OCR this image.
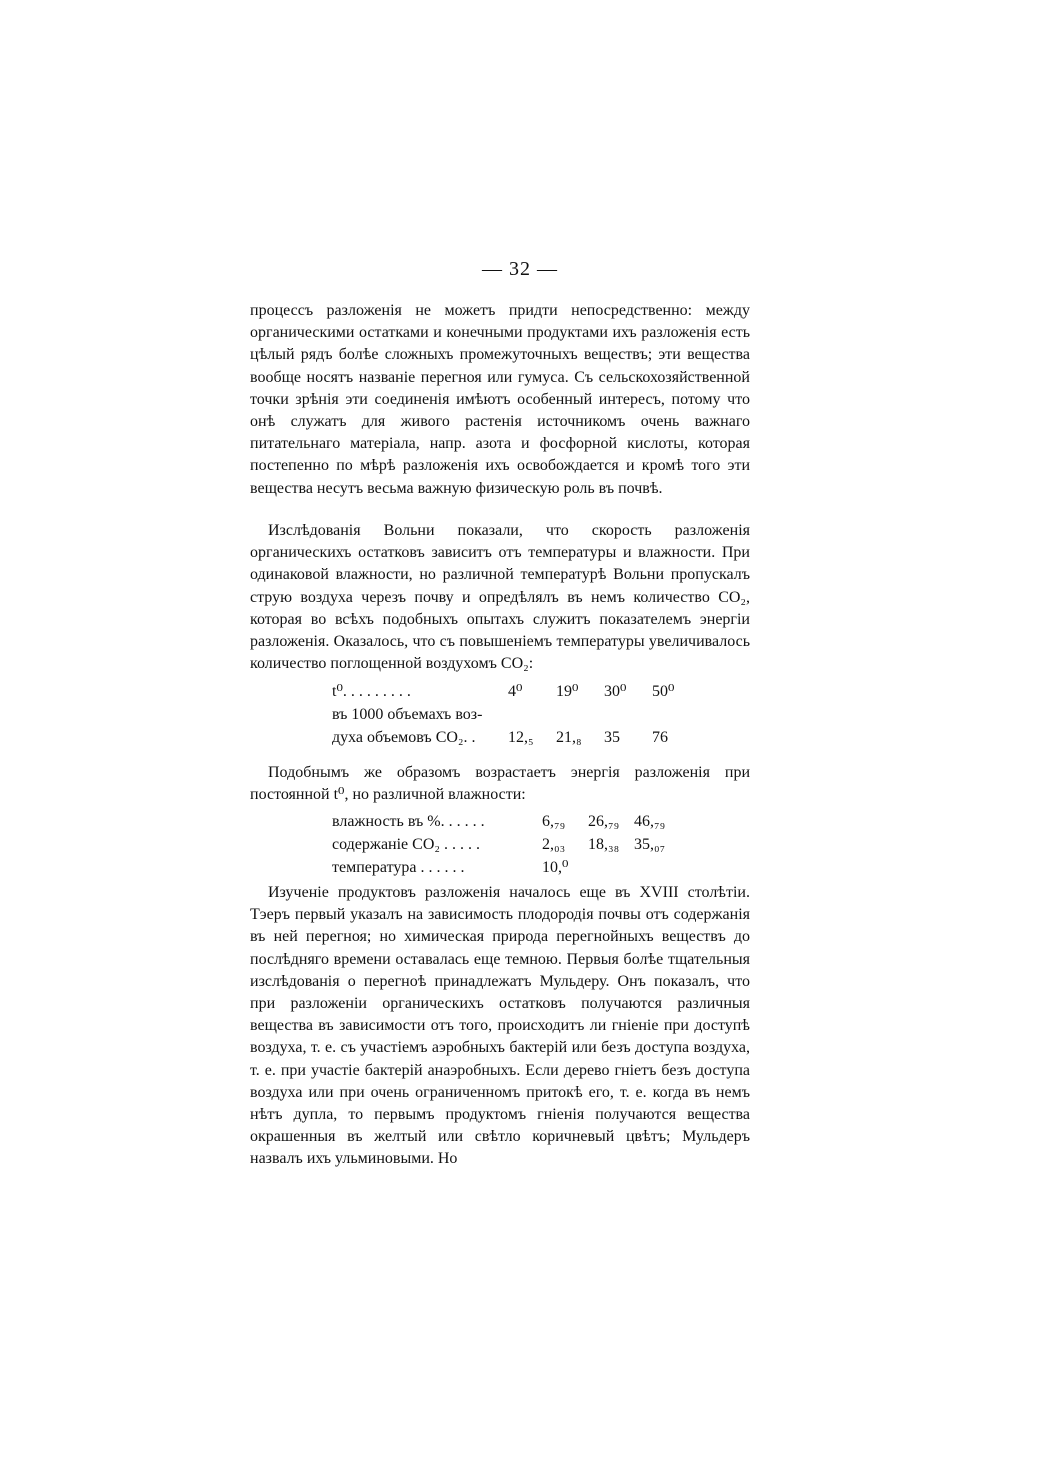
— 32 —

процессъ разложенія не можетъ придти непосредственно: между органическими остатками и конечными продуктами ихъ разложенія есть цѣлый рядъ болѣе сложныхъ промежуточныхъ веществъ; эти вещества вообще носятъ названіе перегноя или гумуса. Съ сельскохозяйственной точки зрѣнія эти соединенія имѣютъ особенный интересъ, потому что онѣ служатъ для живого растенія источникомъ очень важнаго питательнаго матеріала, напр. азота и фосфорной кислоты, которая постепенно по мѣрѣ разложенія ихъ освобождается и кромѣ того эти вещества несутъ весьма важную физическую роль въ почвѣ.

Изслѣдованія Вольни показали, что скорость разложенія органическихъ остатковъ зависитъ отъ температуры и влажности. При одинаковой влажности, но различной температурѣ Вольни пропускалъ струю воздуха черезъ почву и опредѣлялъ въ немъ количество CO₂, которая во всѣхъ подобныхъ опытахъ служитъ показателемъ энергіи разложенія. Оказалось, что съ повышеніемъ температуры увеличивалось количество поглощенной воздухомъ CO₂:

t⁰. . . . . . . . .	4⁰	19⁰	30⁰	50⁰
въ 1000 объемахъ воз-				
духа объемовъ CO₂. .	12,₅	21,₈	35	76

Подобнымъ же образомъ возрастаетъ энергія разложенія при постоянной t⁰, но различной влажности:

влажность въ %. . . . . .	6,₇₉	26,₇₉	46,₇₉
содержаніе CO₂ . . . . .	2,₀₃	18,₃₈	35,₀₇
температура . . . . . .	10,⁰		

Изученіе продуктовъ разложенія началось еще въ XVIII столѣтіи. Тэеръ первый указалъ на зависимость плодородія почвы отъ содержанія въ ней перегноя; но химическая природа перегнойныхъ веществъ до послѣдняго времени оставалась еще темною. Первыя болѣе тщательныя изслѣдованія о перегноѣ принадлежатъ Мульдеру. Онъ показалъ, что при разложеніи органическихъ остатковъ получаются различныя вещества въ зависимости отъ того, происходитъ ли гніеніе при доступѣ воздуха, т. е. съ участіемъ аэробныхъ бактерій или безъ доступа воздуха, т. е. при участіе бактерій анаэробныхъ. Если дерево гніетъ безъ доступа воздуха или при очень ограниченномъ притокѣ его, т. е. когда въ немъ нѣтъ дупла, то первымъ продуктомъ гніенія получаются вещества окрашенныя въ желтый или свѣтло коричневый цвѣтъ; Мульдеръ назвалъ ихъ ульминовыми. Но
